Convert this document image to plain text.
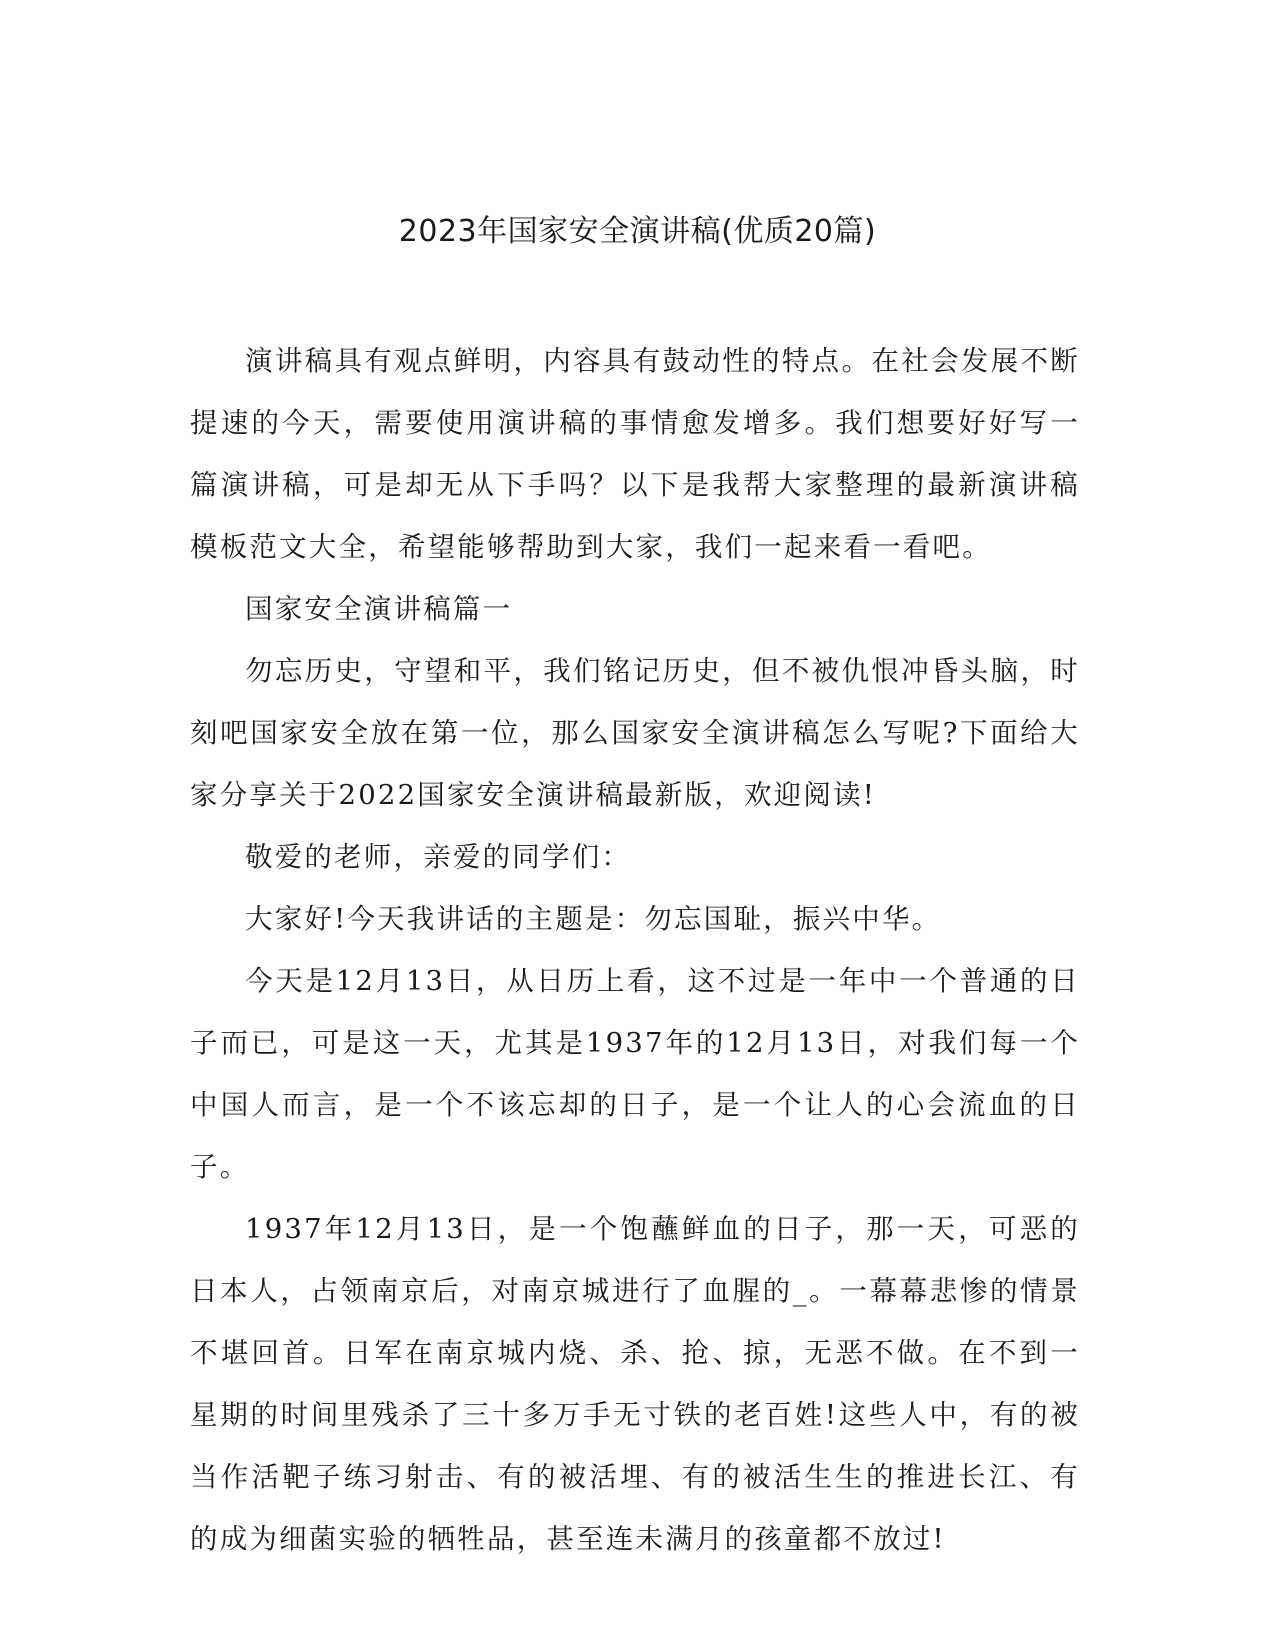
2023年国家安全演讲稿(优质20篇)

演讲稿具有观点鲜明，内容具有鼓动性的特点。在社会发展不断提速的今天，需要使用演讲稿的事情愈发增多。我们想要好好写一篇演讲稿，可是却无从下手吗？以下是我帮大家整理的最新演讲稿模板范文大全，希望能够帮助到大家，我们一起来看一看吧。

国家安全演讲稿篇一

勿忘历史，守望和平，我们铭记历史，但不被仇恨冲昏头脑，时刻吧国家安全放在第一位，那么国家安全演讲稿怎么写呢?下面给大家分享关于2022国家安全演讲稿最新版，欢迎阅读!

敬爱的老师，亲爱的同学们：

大家好!今天我讲话的主题是：勿忘国耻，振兴中华。

今天是12月13日，从日历上看，这不过是一年中一个普通的日子而已，可是这一天，尤其是1937年的12月13日，对我们每一个中国人而言，是一个不该忘却的日子，是一个让人的心会流血的日子。

1937年12月13日，是一个饱蘸鲜血的日子，那一天，可恶的日本人，占领南京后，对南京城进行了血腥的_。一幕幕悲惨的情景不堪回首。日军在南京城内烧、杀、抢、掠，无恶不做。在不到一星期的时间里残杀了三十多万手无寸铁的老百姓!这些人中，有的被当作活靶子练习射击、有的被活埋、有的被活生生的推进长江、有的成为细菌实验的牺牲品，甚至连未满月的孩童都不放过!
